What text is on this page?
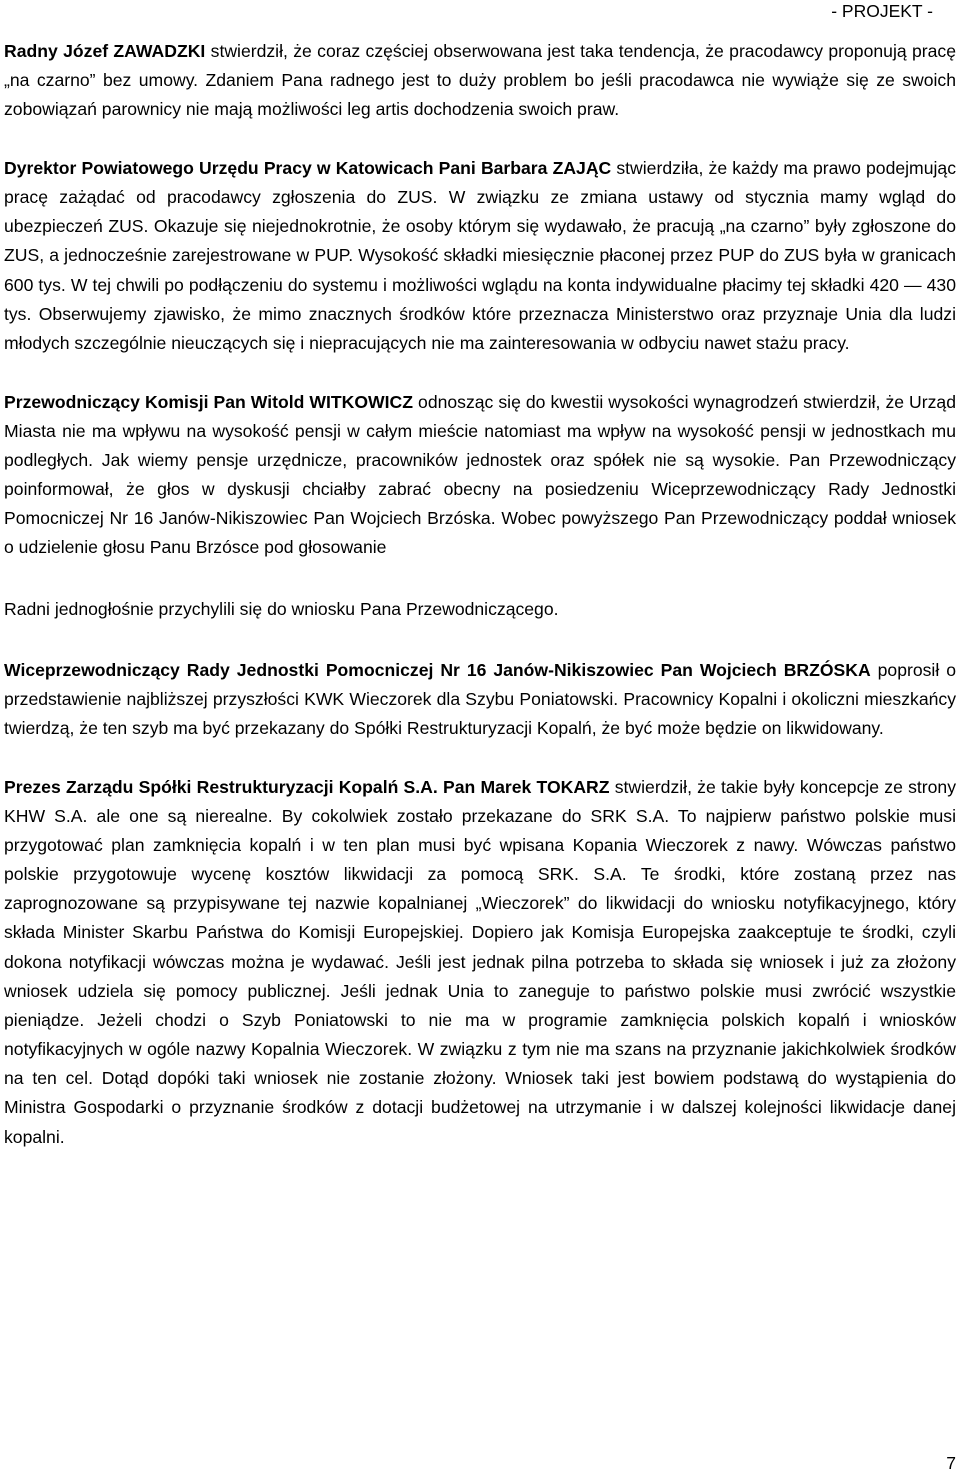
- PROJEKT -

Radny Józef ZAWADZKI stwierdził, że coraz częściej obserwowana jest taka tendencja, że pracodawcy proponują pracę „na czarno” bez umowy. Zdaniem Pana radnego jest to duży problem bo jeśli pracodawca nie wywiąże się ze swoich zobowiązań parownicy nie mają możliwości leg artis dochodzenia swoich praw.

Dyrektor Powiatowego Urzędu Pracy w Katowicach Pani Barbara ZAJĄC stwierdziła, że każdy ma prawo podejmując pracę zażądać od pracodawcy zgłoszenia do ZUS. W związku ze zmiana ustawy od stycznia mamy wgląd do ubezpieczeń ZUS. Okazuje się niejednokrotnie, że osoby którym się wydawało, że pracują „na czarno” były zgłoszone do ZUS, a jednocześnie zarejestrowane w PUP. Wysokość składki miesięcznie płaconej przez PUP do ZUS była w granicach 600 tys. W tej chwili po podłączeniu do systemu i możliwości wglądu na konta indywidualne płacimy tej składki 420 — 430 tys. Obserwujemy zjawisko, że mimo znacznych środków które przeznacza Ministerstwo oraz przyznaje Unia dla ludzi młodych szczególnie nieuczących się i niepracujących nie ma zainteresowania w odbyciu nawet stażu pracy.

Przewodniczący Komisji Pan Witold WITKOWICZ odnosząc się do kwestii wysokości wynagrodzeń stwierdził, że Urząd Miasta nie ma wpływu na wysokość pensji w całym mieście natomiast ma wpływ na wysokość pensji w jednostkach mu podległych. Jak wiemy pensje urzędnicze, pracowników jednostek oraz spółek nie są wysokie. Pan Przewodniczący poinformował, że głos w dyskusji chciałby zabrać obecny na posiedzeniu Wiceprzewodniczący Rady Jednostki Pomocniczej Nr 16 Janów-Nikiszowiec Pan Wojciech Brzóska. Wobec powyższego Pan Przewodniczący poddał wniosek o udzielenie głosu Panu Brzósce pod głosowanie

Radni jednogłośnie przychylili się do wniosku Pana Przewodniczącego.

Wiceprzewodniczący Rady Jednostki Pomocniczej Nr 16 Janów-Nikiszowiec Pan Wojciech BRZÓSKA poprosił o przedstawienie najbliższej przyszłości KWK Wieczorek dla Szybu Poniatowski. Pracownicy Kopalni i okoliczni mieszkańcy twierdzą, że ten szyb ma być przekazany do Spółki Restrukturyzacji Kopalń, że być może będzie on likwidowany.

Prezes Zarządu Spółki Restrukturyzacji Kopalń S.A. Pan Marek TOKARZ stwierdził, że takie były koncepcje ze strony KHW S.A. ale one są nierealne. By cokolwiek zostało przekazane do SRK S.A. To najpierw państwo polskie musi przygotować plan zamknięcia kopalń i w ten plan musi być wpisana Kopania Wieczorek z nawy. Wówczas państwo polskie przygotowuje wycenę kosztów likwidacji za pomocą SRK. S.A. Te środki, które zostaną przez nas zaprognozowane są przypisywane tej nazwie kopalnianej „Wieczorek” do likwidacji do wniosku notyfikacyjnego, który składa Minister Skarbu Państwa do Komisji Europejskiej. Dopiero jak Komisja Europejska zaakceptuje te środki, czyli dokona notyfikacji wówczas można je wydawać. Jeśli jest jednak pilna potrzeba to składa się wniosek i już za złożony wniosek udziela się pomocy publicznej. Jeśli jednak Unia to zaneguje to państwo polskie musi zwrócić wszystkie pieniądze. Jeżeli chodzi o Szyb Poniatowski to nie ma w programie zamknięcia polskich kopalń i wniosków notyfikacyjnych w ogóle nazwy Kopalnia Wieczorek. W związku z tym nie ma szans na przyznanie jakichkolwiek środków na ten cel. Dotąd dopóki taki wniosek nie zostanie złożony. Wniosek taki jest bowiem podstawą do wystąpienia do Ministra Gospodarki o przyznanie środków z dotacji budżetowej na utrzymanie i w dalszej kolejności likwidacje danej kopalni.

7
